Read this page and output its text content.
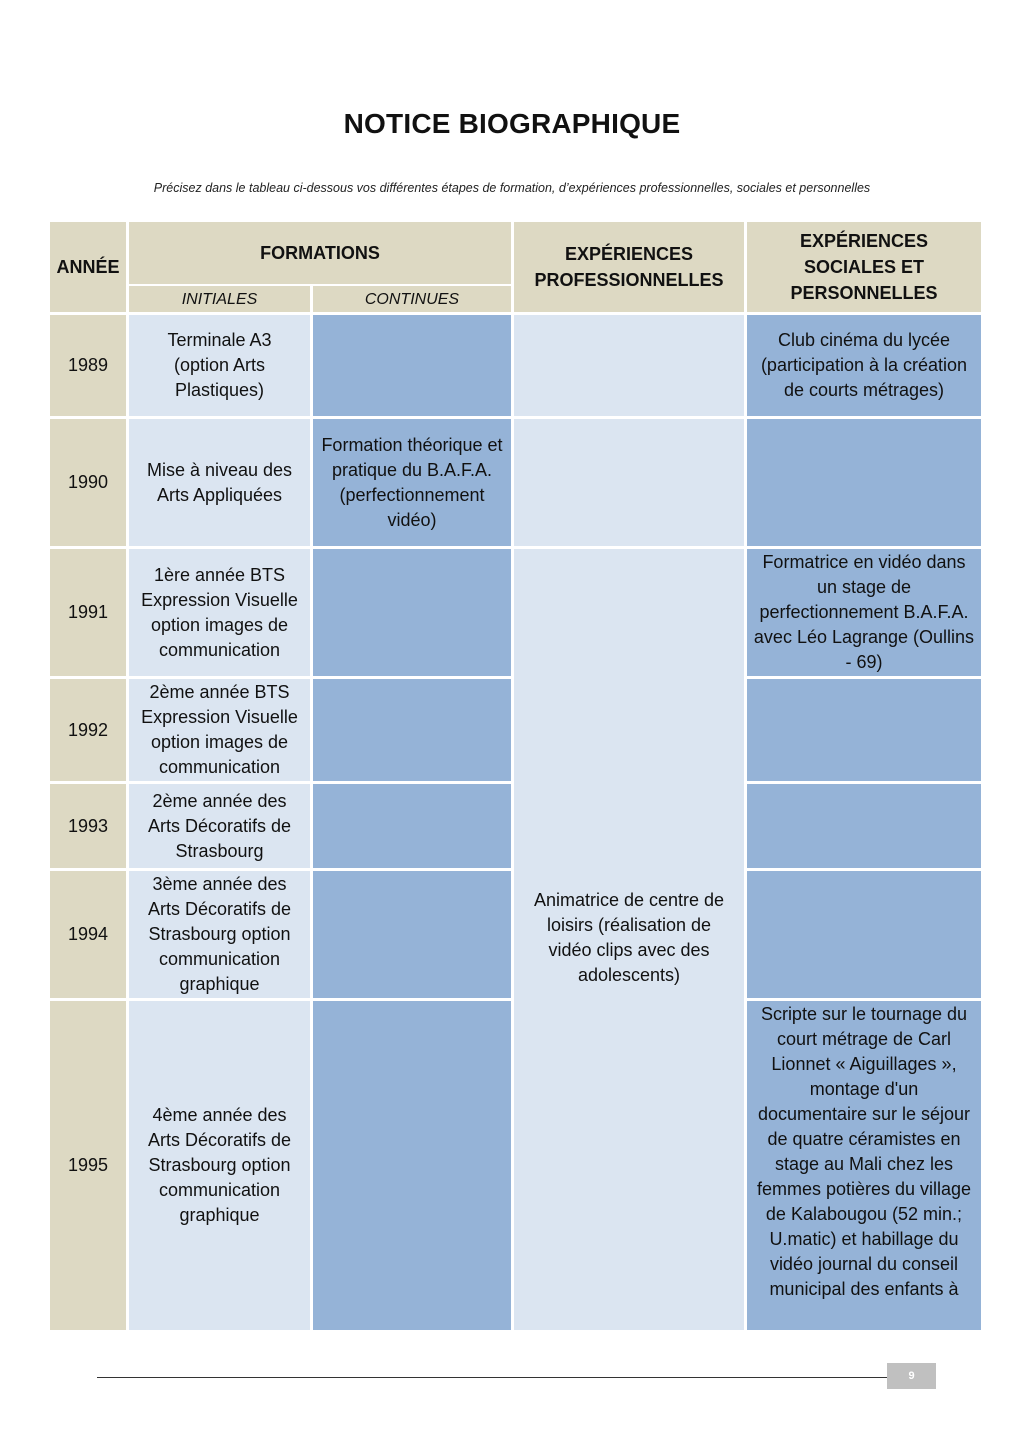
NOTICE BIOGRAPHIQUE
Précisez dans le tableau ci-dessous vos différentes étapes de formation, d’expériences professionnelles, sociales et personnelles
ANNÉE
FORMATIONS
INITIALES	CONTINUES
EXPÉRIENCES PROFESSIONNELLES
EXPÉRIENCES SOCIALES ET PERSONNELLES
1989
Terminale A3 (option Arts Plastiques)
Club cinéma du lycée (participation à la création de courts métrages)
1990
Mise à niveau des Arts Appliquées
Formation théorique et pratique du B.A.F.A. (perfectionnement vidéo)
1991
1ère année BTS Expression Visuelle option images de communication
Formatrice en vidéo dans un stage de perfectionnement B.A.F.A. avec Léo Lagrange (Oullins - 69)
Animatrice de centre de loisirs (réalisation de vidéo clips avec des adolescents)
1992
2ème année BTS Expression Visuelle option images de communication
1993
2ème année des Arts Décoratifs de Strasbourg
1994
3ème année des Arts Décoratifs de Strasbourg option communication graphique
1995
4ème année des Arts Décoratifs de Strasbourg option communication graphique
Scripte sur le tournage du court métrage de Carl Lionnet « Aiguillages », montage d'un documentaire sur le séjour de quatre céramistes en stage au Mali chez les femmes potières du village de Kalabougou (52 min.; U.matic) et habillage du vidéo journal du conseil municipal des enfants à
9
